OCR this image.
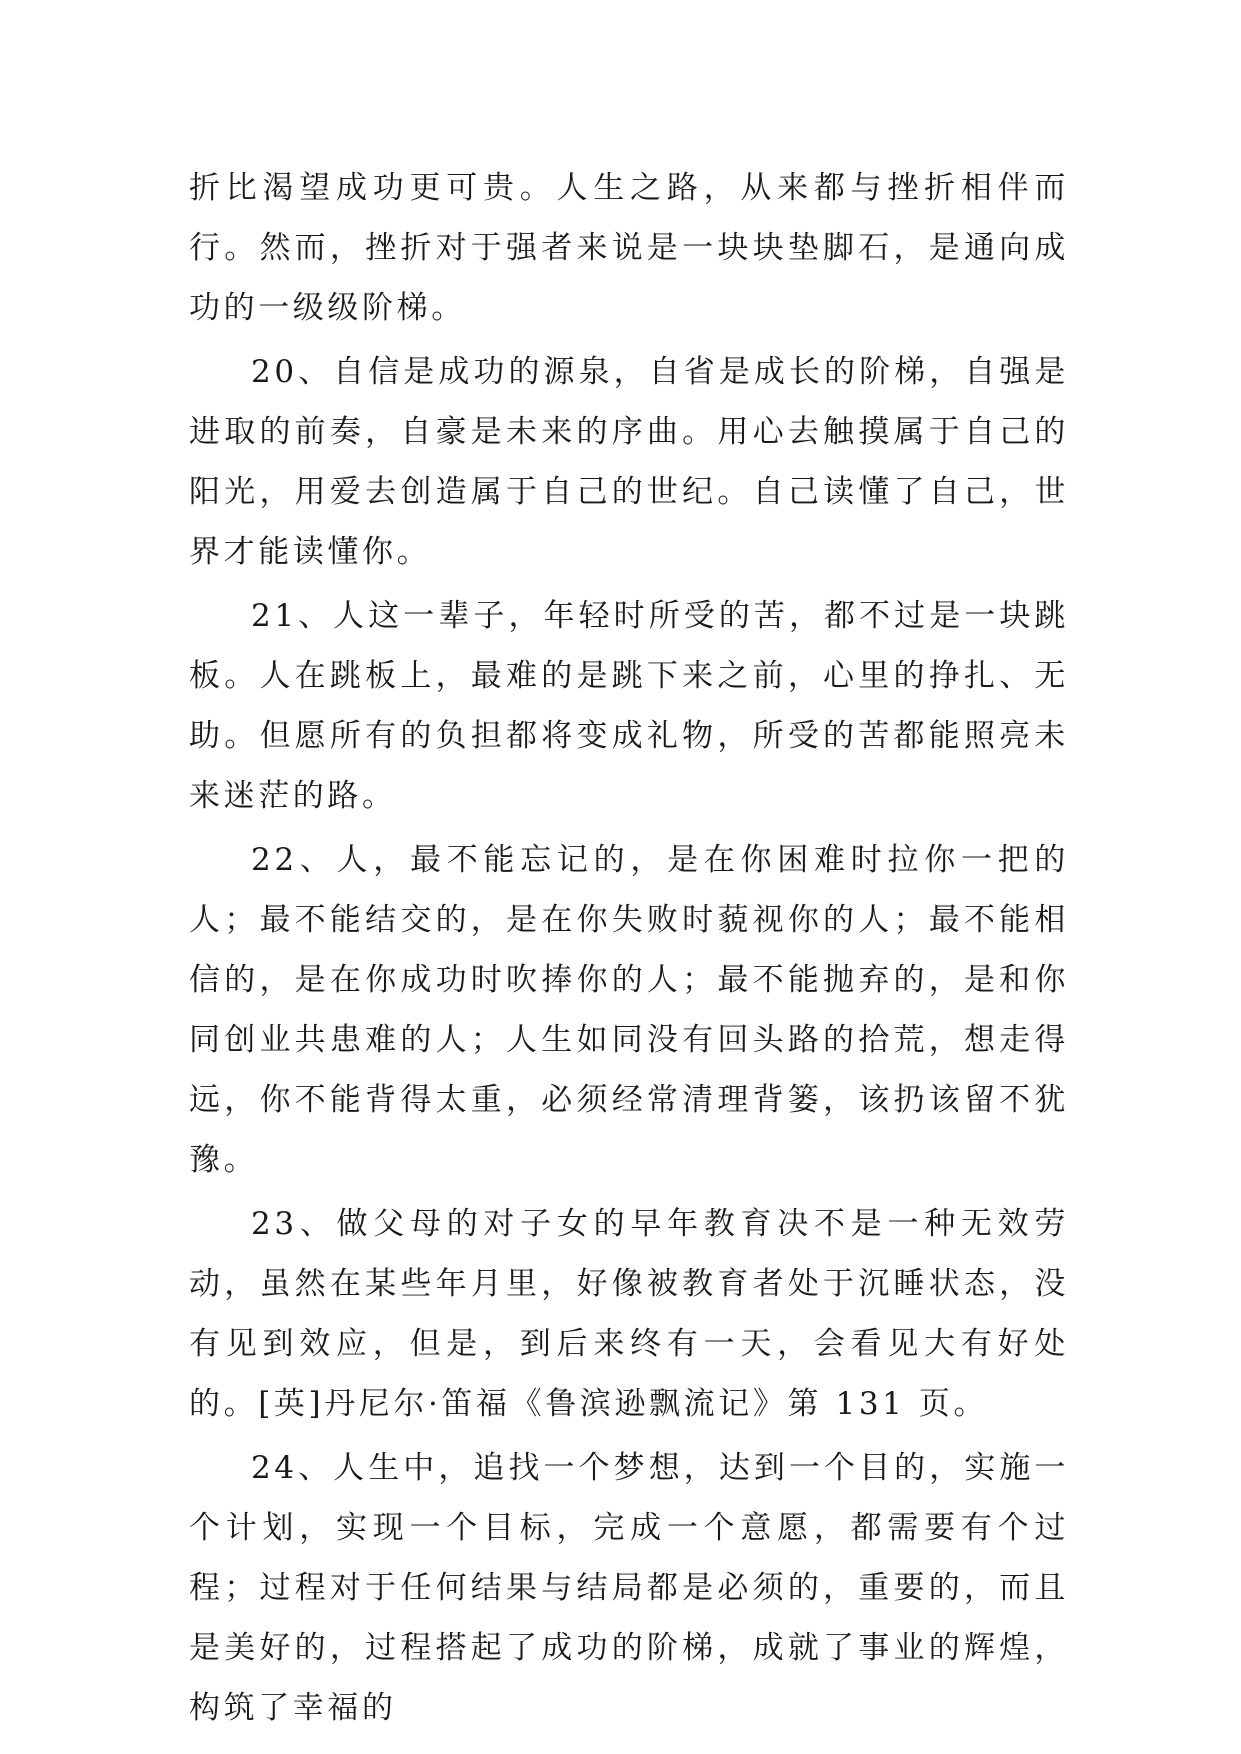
折比渴望成功更可贵。人生之路，从来都与挫折相伴而行。然而，挫折对于强者来说是一块块垫脚石，是通向成功的一级级阶梯。

20、自信是成功的源泉，自省是成长的阶梯，自强是进取的前奏，自豪是未来的序曲。用心去触摸属于自己的阳光，用爱去创造属于自己的世纪。自己读懂了自己，世界才能读懂你。

21、人这一辈子，年轻时所受的苦，都不过是一块跳板。人在跳板上，最难的是跳下来之前，心里的挣扎、无助。但愿所有的负担都将变成礼物，所受的苦都能照亮未来迷茫的路。

22、人，最不能忘记的，是在你困难时拉你一把的人；最不能结交的，是在你失败时藐视你的人；最不能相信的，是在你成功时吹捧你的人；最不能抛弃的，是和你同创业共患难的人；人生如同没有回头路的拾荒，想走得远，你不能背得太重，必须经常清理背篓，该扔该留不犹豫。

23、做父母的对子女的早年教育决不是一种无效劳动，虽然在某些年月里，好像被教育者处于沉睡状态，没有见到效应，但是，到后来终有一天，会看见大有好处的。[英]丹尼尔·笛福《鲁滨逊飘流记》第 131 页。

24、人生中，追找一个梦想，达到一个目的，实施一个计划，实现一个目标，完成一个意愿，都需要有个过程；过程对于任何结果与结局都是必须的，重要的，而且是美好的，过程搭起了成功的阶梯，成就了事业的辉煌，构筑了幸福的
